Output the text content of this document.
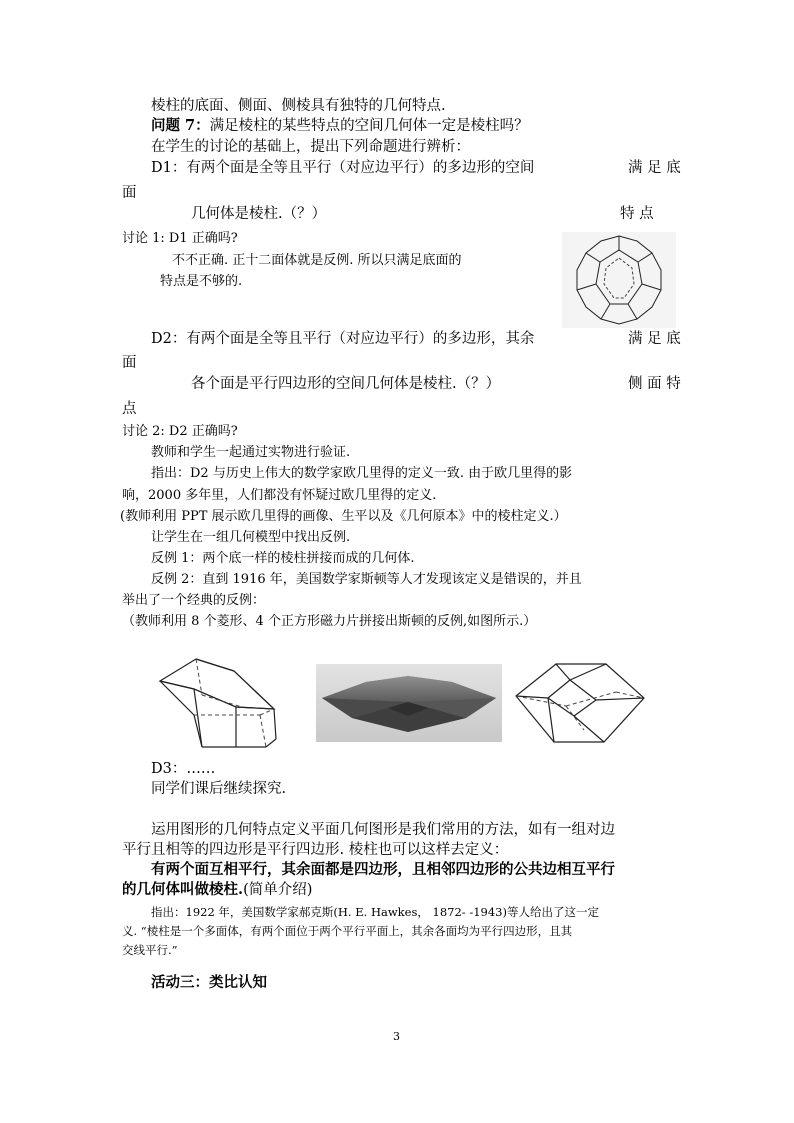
棱柱的底面、侧面、侧棱具有独特的几何特点.
问题 7：满足棱柱的某些特点的空间几何体一定是棱柱吗？
在学生的讨论的基础上，提出下列命题进行辨析：
D1：有两个面是全等且平行（对应边平行）的多边形的空间	满 足 底
面
几何体是棱柱.（？）	特 点
讨论 1: D1 正确吗?
不不正确. 正十二面体就是反例. 所以只满足底面的
特点是不够的.
D2：有两个面是全等且平行（对应边平行）的多边形，其余	满 足 底
面
各个面是平行四边形的空间几何体是棱柱.（？）	侧 面 特
点
讨论 2: D2 正确吗?
教师和学生一起通过实物进行验证.
指出：D2 与历史上伟大的数学家欧几里得的定义一致. 由于欧几里得的影
响，2000 多年里，人们都没有怀疑过欧几里得的定义.
(教师利用 PPT 展示欧几里得的画像、生平以及《几何原本》中的棱柱定义.）
让学生在一组几何模型中找出反例.
反例 1：两个底一样的棱柱拼接而成的几何体.
反例 2：直到 1916 年，美国数学家斯顿等人才发现该定义是错误的，并且
举出了一个经典的反例：
（教师利用 8 个菱形、4 个正方形磁力片拼接出斯顿的反例,如图所示.）
D3：……
同学们课后继续探究.
运用图形的几何特点定义平面几何图形是我们常用的方法，如有一组对边
平行且相等的四边形是平行四边形. 棱柱也可以这样去定义：
有两个面互相平行，其余面都是四边形，且相邻四边形的公共边相互平行
的几何体叫做棱柱.(简单介绍)
指出：1922 年，美国数学家郝克斯(H. E. Hawkes， 1872- -1943)等人给出了这一定
义. “棱柱是一个多面体，有两个面位于两个平行平面上，其余各面均为平行四边形，且其
交线平行.”
活动三：类比认知
3
